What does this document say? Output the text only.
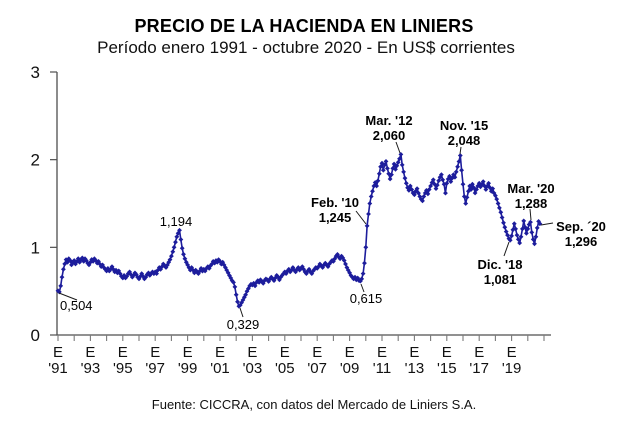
PRECIO DE LA HACIENDA EN LINIERS
Período enero 1991 - octubre 2020 - En US$ corrientes
0
1
2
3
E
'91
E
'93
E
'95
E
'97
E
'99
E
'01
E
'03
E
'05
E
'07
E
'09
E
'11
E
'13
E
'15
E
'17
E
'19
0,504
1,194
0,329
0,615
Feb. '10 1,245
Mar. '12 2,060
Nov. '15 2,048
Dic. '18 1,081
Mar. '20 1,288
Sep. ´20 1,296
Fuente: CICCRA, con datos del Mercado de Liniers S.A.
